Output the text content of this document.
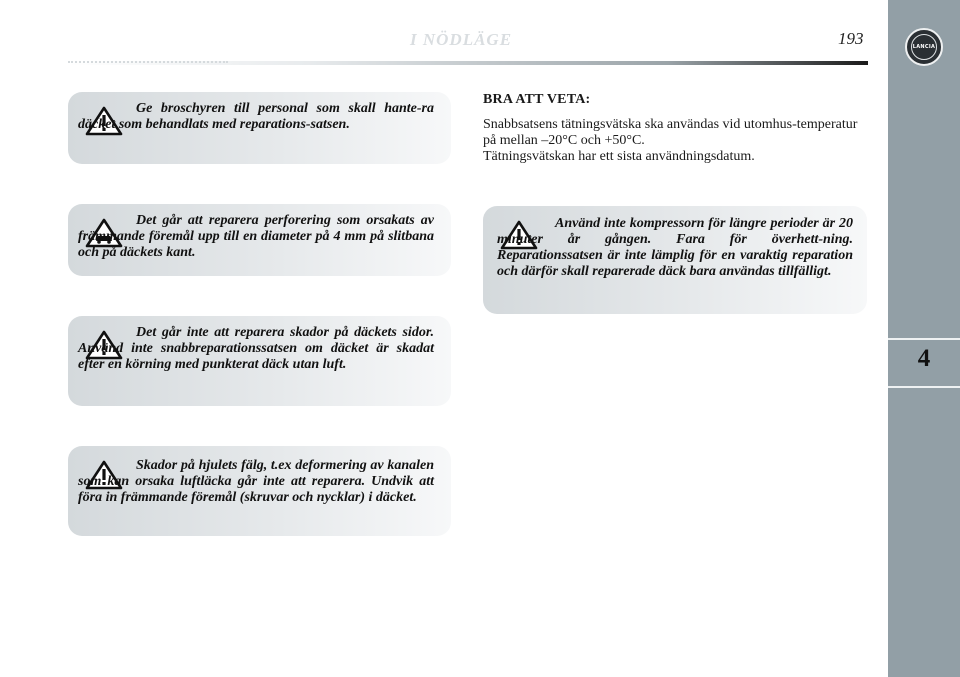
I NÖDLÄGE	193	LANCIA
4

Ge broschyren till personal som skall hante-ra däcket som behandlats med reparations-satsen.

Det går att reparera perforering som orsakats av främmande föremål upp till en diameter på 4 mm på slitbana och på däckets kant.

Det går inte att reparera skador på däckets sidor. Använd inte snabbreparationssatsen om däcket är skadat efter en körning med punkterat däck utan luft.

Skador på hjulets fälg, t.ex deformering av kanalen som kan orsaka luftläcka går inte att reparera. Undvik att föra in främmande föremål (skruvar och nycklar) i däcket.

BRA ATT VETA:

Snabbsatsens tätningsvätska ska användas vid utomhus-temperatur på mellan –20°C och +50°C.
Tätningsvätskan har ett sista användningsdatum.

Använd inte kompressorn för längre perioder är 20 minuter år gången. Fara för överhett-ning. Reparationssatsen är inte lämplig för en varaktig reparation och därför skall reparerade däck bara användas tillfälligt.
